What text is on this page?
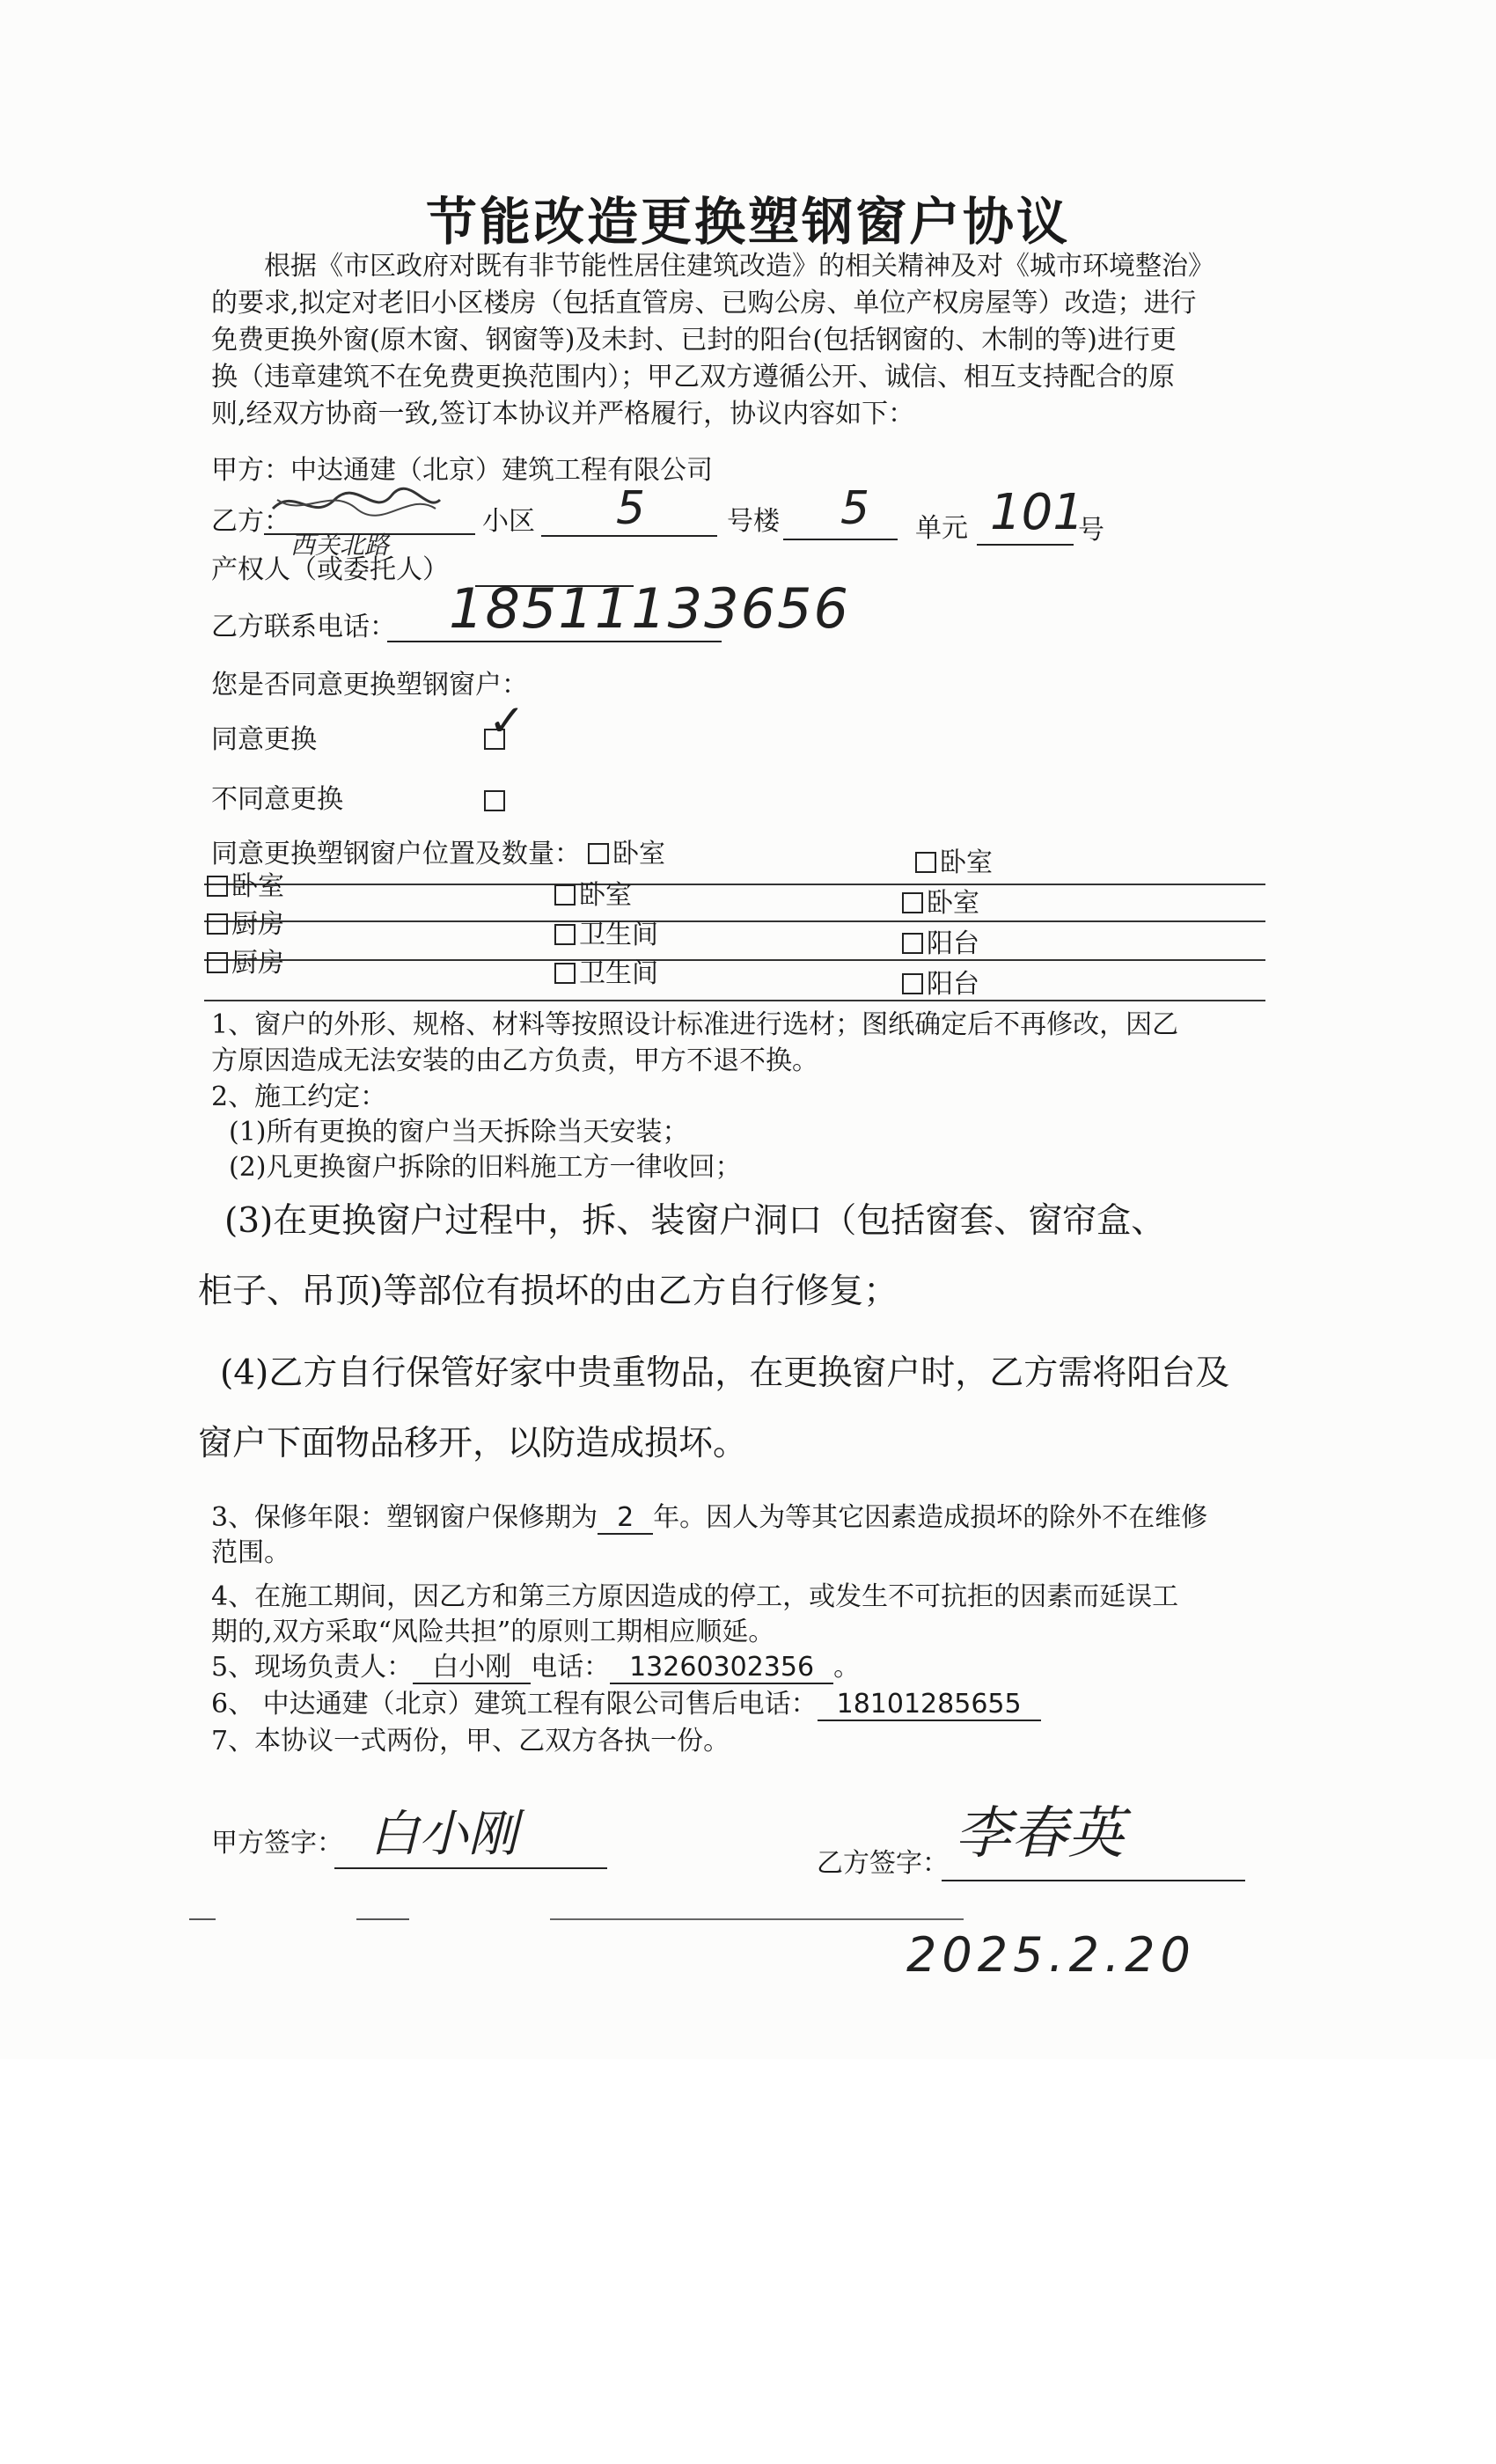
节能改造更换塑钢窗户协议
根据《市区政府对既有非节能性居住建筑改造》的相关精神及对《城市环境整治》
的要求,拟定对老旧小区楼房（包括直管房、已购公房、单位产权房屋等）改造；进行
免费更换外窗(原木窗、钢窗等)及未封、已封的阳台(包括钢窗的、木制的等)进行更
换（违章建筑不在免费更换范围内）；甲乙双方遵循公开、诚信、相互支持配合的原
则,经双方协商一致,签订本协议并严格履行，协议内容如下：
甲方：中达通建（北京）建筑工程有限公司
乙方：
西关北路
小区 5	号楼 5 单元 101
号
产权人（或委托人）
乙方联系电话： 18511133656
您是否同意更换塑钢窗户：
同意更换	✓
不同意更换
同意更换塑钢窗户位置及数量：	卧室	卧室
卧室	卧室	卧室
厨房	卫生间	阳台
厨房	卫生间	阳台
1、窗户的外形、规格、材料等按照设计标准进行选材；图纸确定后不再修改，因乙
方原因造成无法安装的由乙方负责，甲方不退不换。
2、施工约定：
(1)所有更换的窗户当天拆除当天安装；
(2)凡更换窗户拆除的旧料施工方一律收回；
(3)在更换窗户过程中，拆、装窗户洞口（包括窗套、窗帘盒、
柜子、吊顶)等部位有损坏的由乙方自行修复；
(4)乙方自行保管好家中贵重物品，在更换窗户时，乙方需将阳台及
窗户下面物品移开，以防造成损坏。
3、保修年限：塑钢窗户保修期为 2 年。因人为等其它因素造成损坏的除外不在维修
范围。
4、在施工期间，因乙方和第三方原因造成的停工，或发生不可抗拒的因素而延误工
期的,双方采取“风险共担”的原则工期相应顺延。
5、现场负责人： 白小刚 电话： 13260302356 。
6、 中达通建（北京）建筑工程有限公司售后电话： 18101285655
7、本协议一式两份，甲、乙双方各执一份。
甲方签字： 白小刚
乙方签字： 李春英
2025.2.20
